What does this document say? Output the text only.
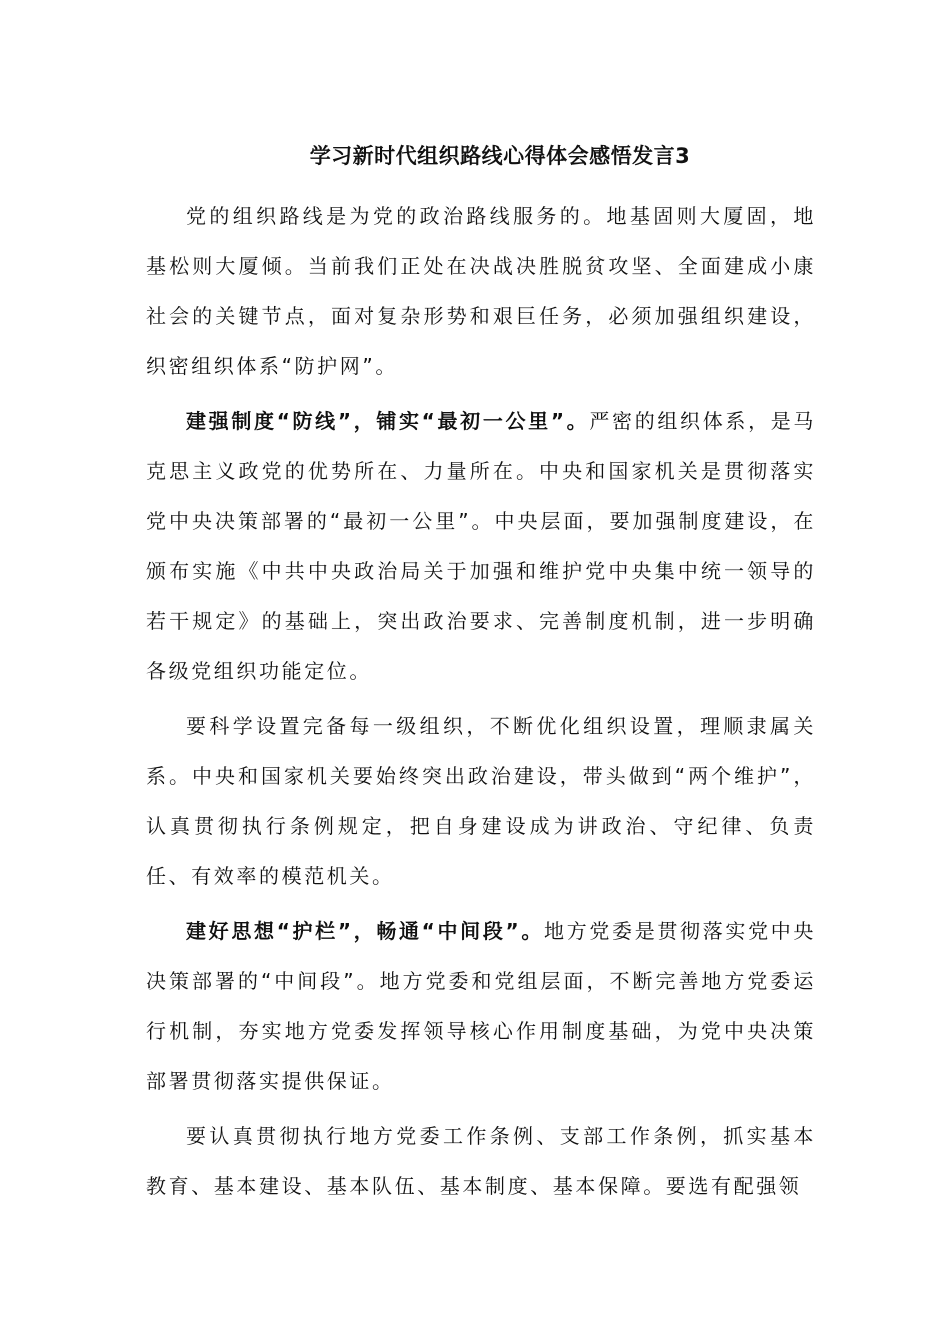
学习新时代组织路线心得体会感悟发言3

党的组织路线是为党的政治路线服务的。地基固则大厦固，地基松则大厦倾。当前我们正处在决战决胜脱贫攻坚、全面建成小康社会的关键节点，面对复杂形势和艰巨任务，必须加强组织建设，织密组织体系“防护网”。

建强制度“防线”，铺实“最初一公里”。严密的组织体系，是马克思主义政党的优势所在、力量所在。中央和国家机关是贯彻落实党中央决策部署的“最初一公里”。中央层面，要加强制度建设，在颁布实施《中共中央政治局关于加强和维护党中央集中统一领导的若干规定》的基础上，突出政治要求、完善制度机制，进一步明确各级党组织功能定位。

要科学设置完备每一级组织，不断优化组织设置，理顺隶属关系。中央和国家机关要始终突出政治建设，带头做到“两个维护”，认真贯彻执行条例规定，把自身建设成为讲政治、守纪律、负责任、有效率的模范机关。

建好思想“护栏”，畅通“中间段”。地方党委是贯彻落实党中央决策部署的“中间段”。地方党委和党组层面，不断完善地方党委运行机制，夯实地方党委发挥领导核心作用制度基础，为党中央决策部署贯彻落实提供保证。

要认真贯彻执行地方党委工作条例、支部工作条例，抓实基本教育、基本建设、基本队伍、基本制度、基本保障。要选有配强领
